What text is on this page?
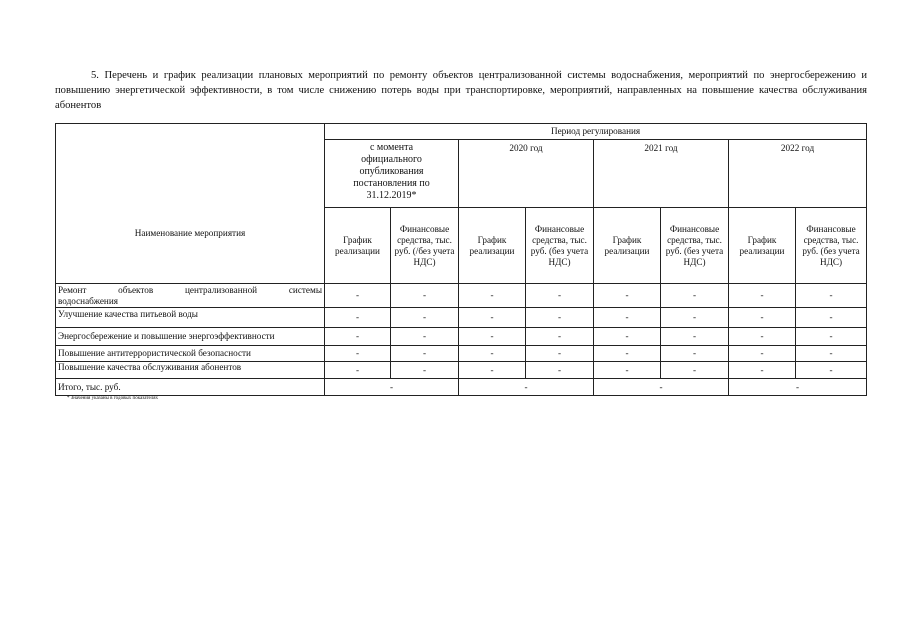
5. Перечень и график реализации плановых мероприятий по ремонту объектов централизованной системы водоснабжения, мероприятий по энергосбережению и повышению энергетической эффективности, в том числе снижению потерь воды при транспортировке, мероприятий, направленных на повышение качества обслуживания абонентов

Наименование мероприятия	Период регулирования							
	с момента официального опубликования постановления по 31.12.2019*		2020 год		2021 год		2022 год	
	График реализации	Финансовые средства, тыс. руб. (/без учета НДС)	График реализации	Финансовые средства, тыс. руб. (без учета НДС)	График реализации	Финансовые средства, тыс. руб. (без учета НДС)	График реализации	Финансовые средства, тыс. руб. (без учета НДС)

Ремонт объектов централизованной системы
водоснабжения	-	-	-	-	-	-	-	-
Улучшение качества питьевой воды	-	-	-	-	-	-	-	-
Энергосбережение и повышение энергоэффективности	-	-	-	-	-	-	-	-
Повышение антитеррористической безопасности	-	-	-	-	-	-	-	-
Повышение качества обслуживания абонентов	-	-	-	-	-	-	-	-
Итого, тыс. руб.	-		-		-		-	
* Значения указаны в годовых показателях
